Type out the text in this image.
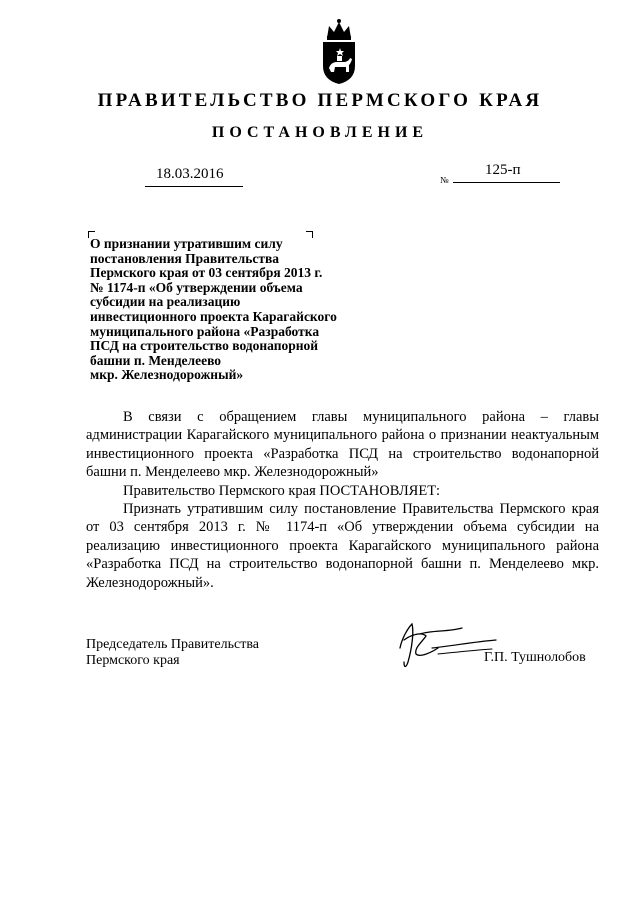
ПРАВИТЕЛЬСТВО ПЕРМСКОГО КРАЯ
ПОСТАНОВЛЕНИЕ
18.03.2016	№
125-п
О признании утратившим силу
постановления Правительства
Пермского края от 03 сентября 2013 г.
№ 1174-п «Об утверждении объема
субсидии на реализацию
инвестиционного проекта Карагайского
муниципального района «Разработка
ПСД на строительство водонапорной
башни п. Менделеево
мкр. Железнодорожный»

В связи с обращением главы муниципального района – главы администрации Карагайского муниципального района о признании неактуальным инвестиционного проекта «Разработка ПСД на строительство водонапорной башни п. Менделеево мкр. Железнодорожный»

Правительство Пермского края ПОСТАНОВЛЯЕТ:

Признать утратившим силу постановление Правительства Пермского края от 03 сентября 2013 г. № 1174-п «Об утверждении объема субсидии на реализацию инвестиционного проекта Карагайского муниципального района «Разработка ПСД на строительство водонапорной башни п. Менделеево мкр. Железнодорожный».

Председатель Правительства
Пермского края	Г.П. Тушнолобов
